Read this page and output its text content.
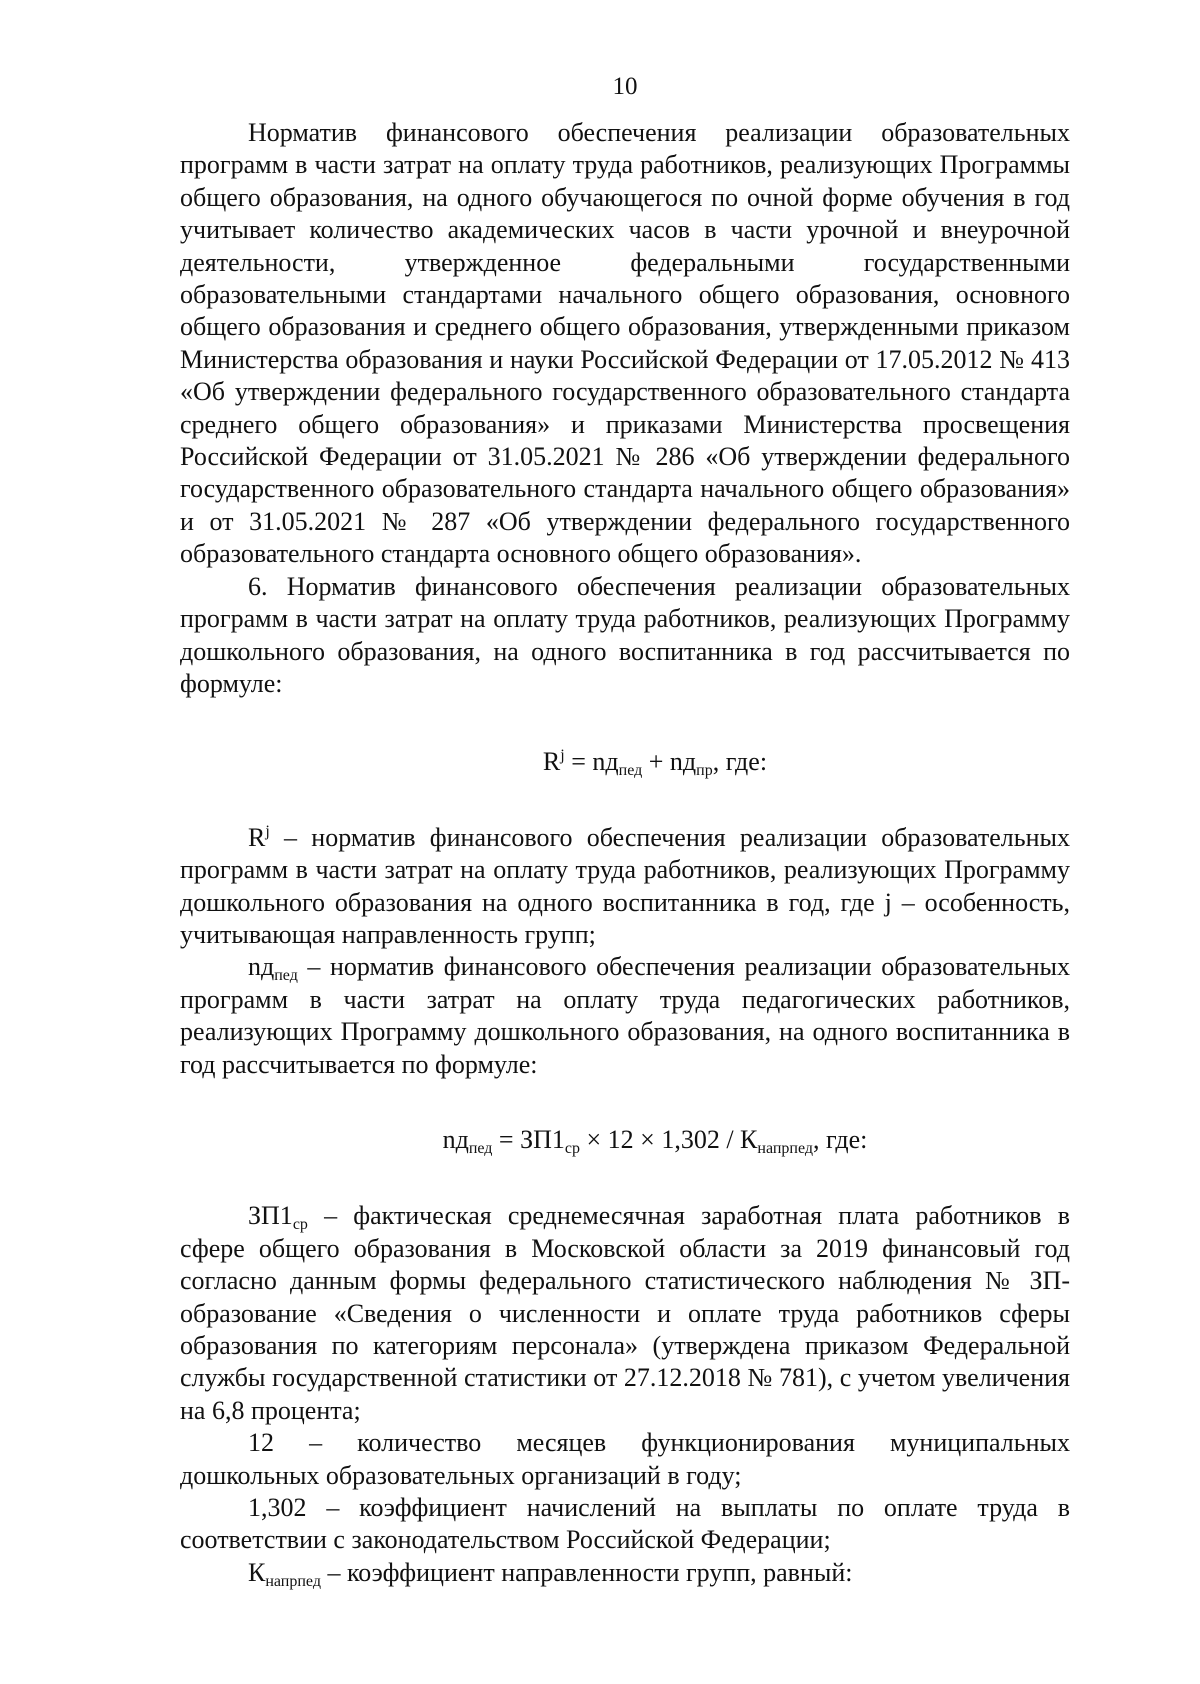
10

Норматив финансового обеспечения реализации образовательных программ в части затрат на оплату труда работников, реализующих Программы общего образования, на одного обучающегося по очной форме обучения в год учитывает количество академических часов в части урочной и внеурочной деятельности, утвержденное федеральными государственными образовательными стандартами начального общего образования, основного общего образования и среднего общего образования, утвержденными приказом Министерства образования и науки Российской Федерации от 17.05.2012 № 413 «Об утверждении федерального государственного образовательного стандарта среднего общего образования» и приказами Министерства просвещения Российской Федерации от 31.05.2021 № 286 «Об утверждении федерального государственного образовательного стандарта начального общего образования» и от 31.05.2021 № 287 «Об утверждении федерального государственного образовательного стандарта основного общего образования».

6. Норматив финансового обеспечения реализации образовательных программ в части затрат на оплату труда работников, реализующих Программу дошкольного образования, на одного воспитанника в год рассчитывается по формуле:

$R^j = nд_{пед} + nд_{пр}$, где:

$R^j$ – норматив финансового обеспечения реализации образовательных программ в части затрат на оплату труда работников, реализующих Программу дошкольного образования на одного воспитанника в год, где j – особенность, учитывающая направленность групп;

$nд_{пед}$ – норматив финансового обеспечения реализации образовательных программ в части затрат на оплату труда педагогических работников, реализующих Программу дошкольного образования, на одного воспитанника в год рассчитывается по формуле:

$nд_{пед} = ЗП1_{ср} \times 12 \times 1,302 / К_{напрпед}$, где:

$ЗП1_{ср}$ – фактическая среднемесячная заработная плата работников в сфере общего образования в Московской области за 2019 финансовый год согласно данным формы федерального статистического наблюдения № ЗП-образование «Сведения о численности и оплате труда работников сферы образования по категориям персонала» (утверждена приказом Федеральной службы государственной статистики от 27.12.2018 № 781), с учетом увеличения на 6,8 процента;

12 – количество месяцев функционирования муниципальных дошкольных образовательных организаций в году;

1,302 – коэффициент начислений на выплаты по оплате труда в соответствии с законодательством Российской Федерации;

$К_{напрпед}$ – коэффициент направленности групп, равный:
